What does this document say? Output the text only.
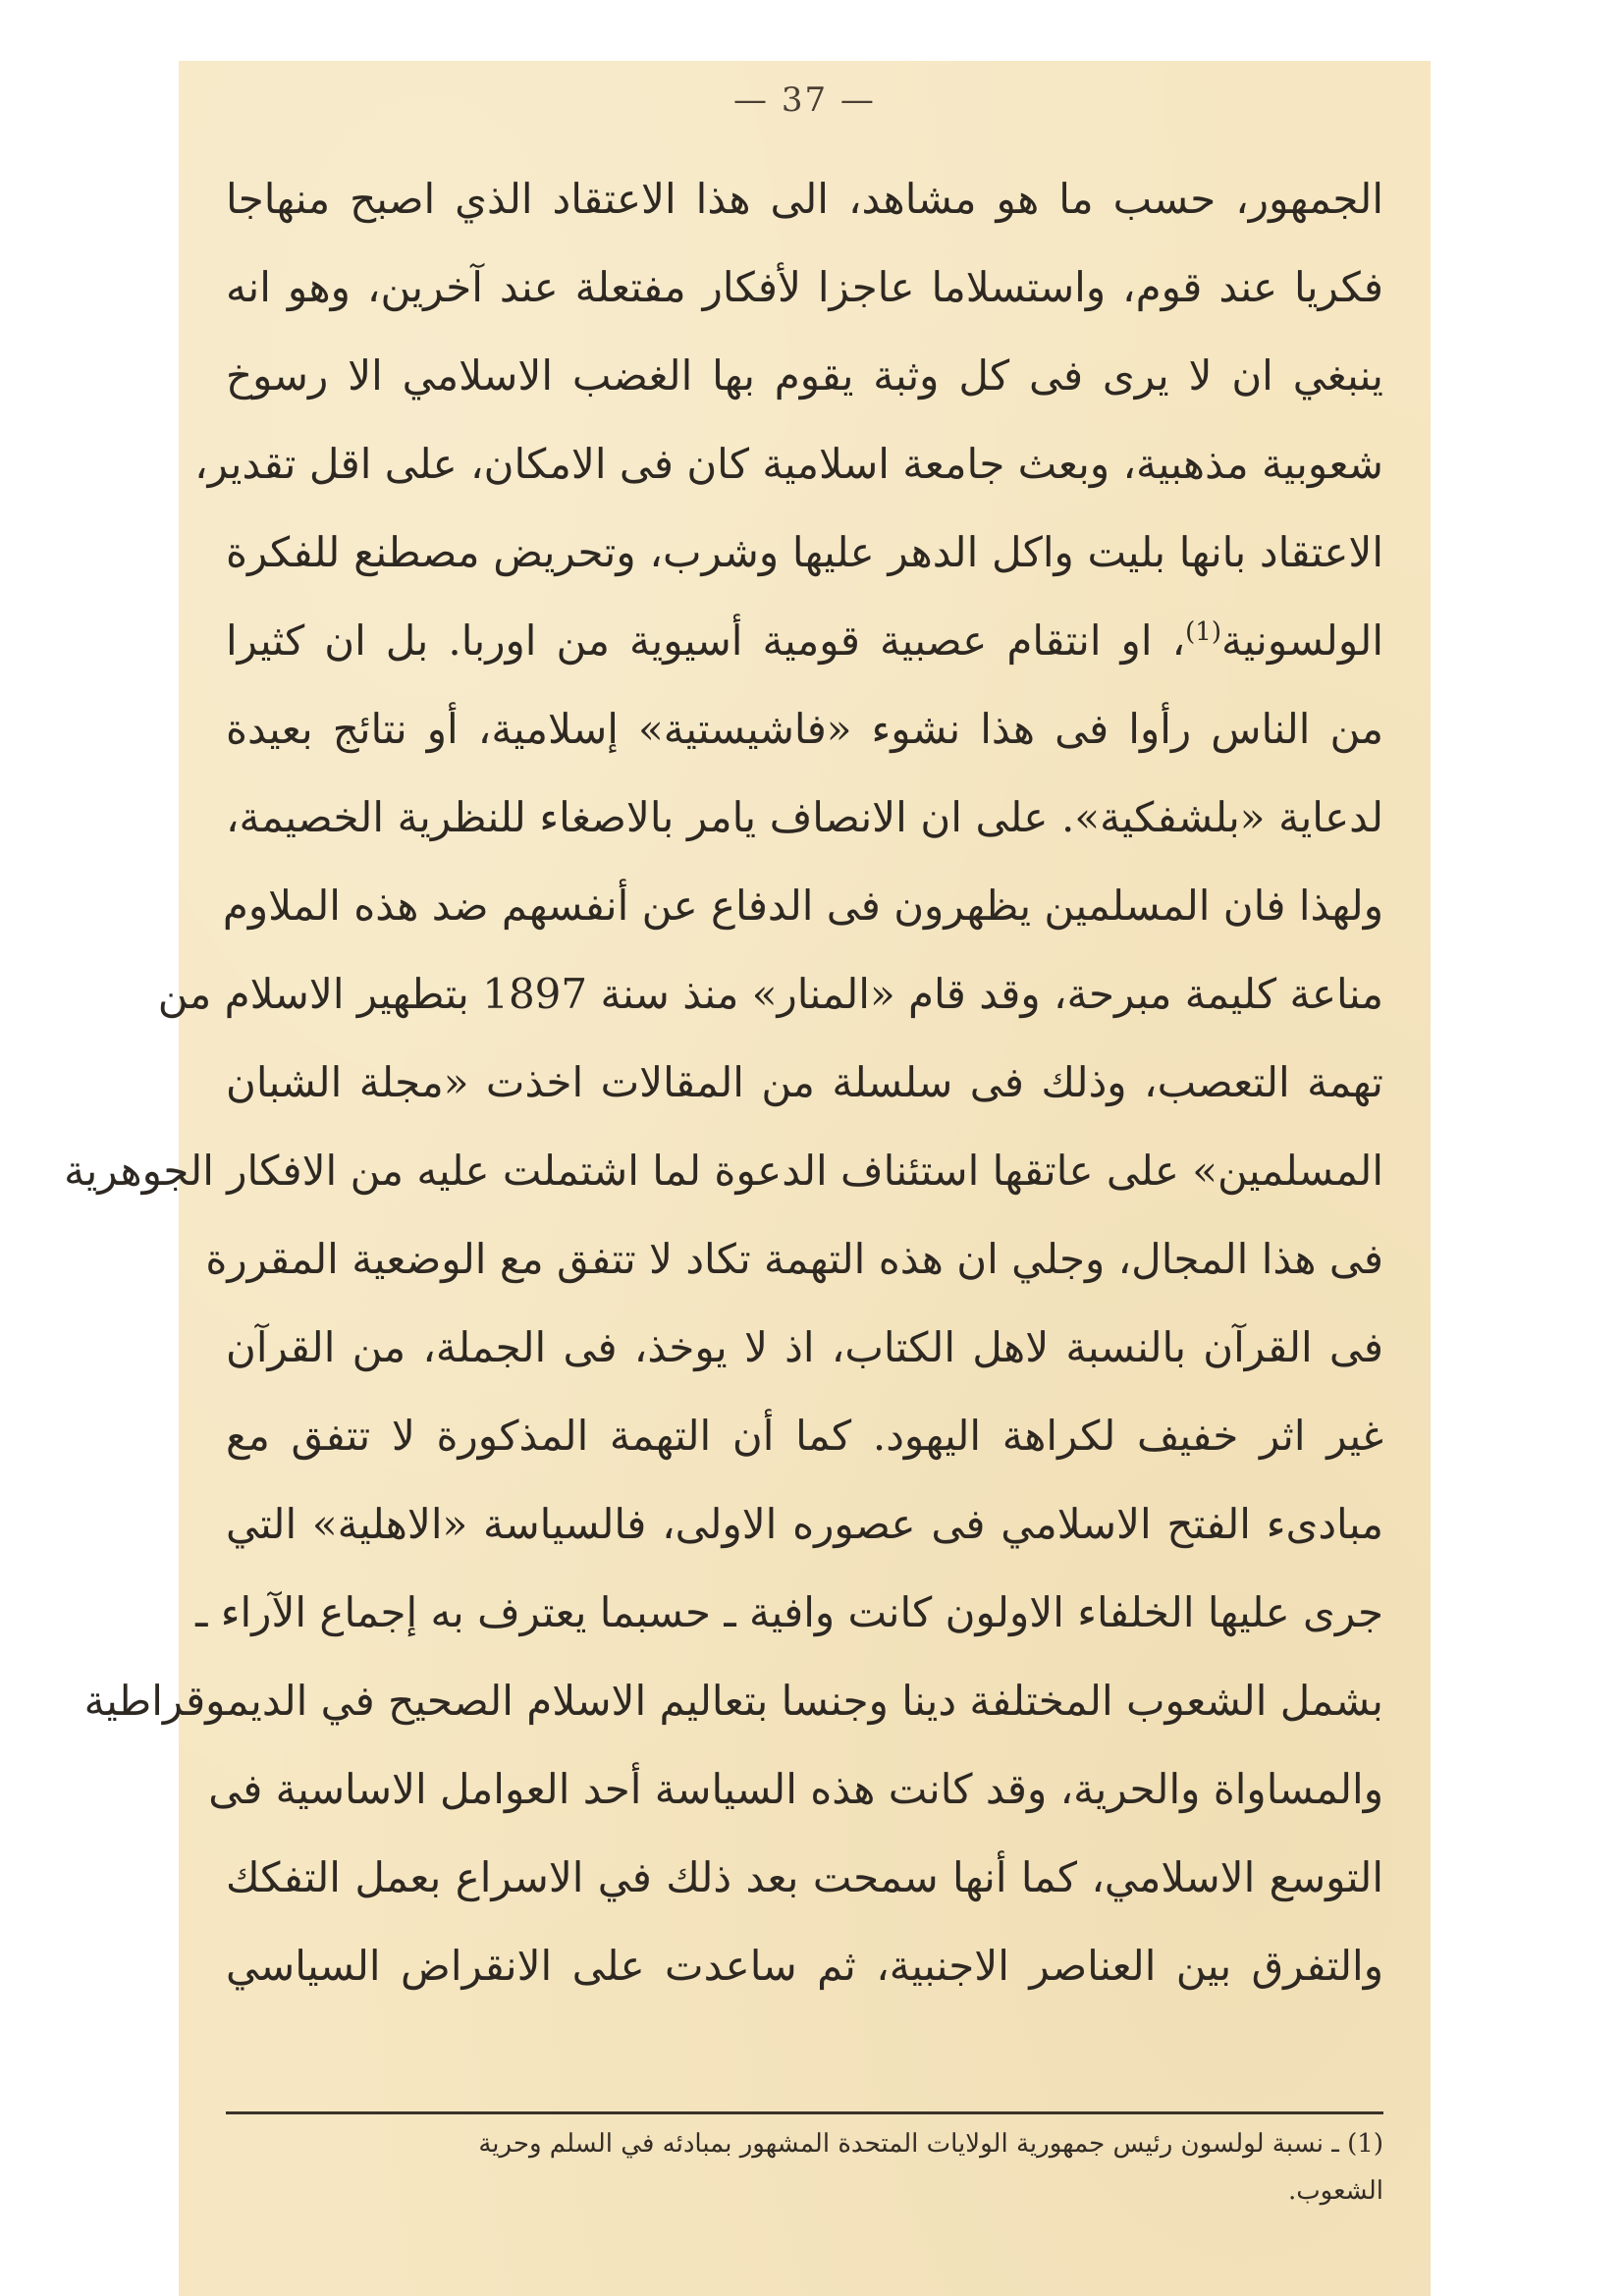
— 37 —
الجمهور، حسب ما هو مشاهد، الى هذا الاعتقاد الذي اصبح منهاجا
فكريا عند قوم، واستسلاما عاجزا لأفكار مفتعلة عند آخرين، وهو انه
ينبغي ان لا يرى فى كل وثبة يقوم بها الغضب الاسلامي الا رسوخ
شعوبية مذهبية، وبعث جامعة اسلامية كان فى الامكان، على اقل تقدير،
الاعتقاد بانها بليت واكل الدهر عليها وشرب، وتحريض مصطنع للفكرة
الولسونية$^{(1)}$، او انتقام عصبية قومية أسيوية من اوربا. بل ان كثيرا
من الناس رأوا فى هذا نشوء «فاشيستية» إسلامية، أو نتائج بعيدة
لدعاية «بلشفكية». على ان الانصاف يامر بالاصغاء للنظرية الخصيمة،
ولهذا فان المسلمين يظهرون فى الدفاع عن أنفسهم ضد هذه الملاوم
مناعة كليمة مبرحة، وقد قام «المنار» منذ سنة 1897 بتطهير الاسلام من
تهمة التعصب، وذلك فى سلسلة من المقالات اخذت «مجلة الشبان
المسلمين» على عاتقها استئناف الدعوة لما اشتملت عليه من الافكار الجوهرية
فى هذا المجال، وجلي ان هذه التهمة تكاد لا تتفق مع الوضعية المقررة
فى القرآن بالنسبة لاهل الكتاب، اذ لا يوخذ، فى الجملة، من القرآن
غير اثر خفيف لكراهة اليهود. كما أن التهمة المذكورة لا تتفق مع
مبادىء الفتح الاسلامي فى عصوره الاولى، فالسياسة «الاهلية» التي
جرى عليها الخلفاء الاولون كانت وافية ـ حسبما يعترف به إجماع الآراء ـ
بشمل الشعوب المختلفة دينا وجنسا بتعاليم الاسلام الصحيح في الديموقراطية
والمساواة والحرية، وقد كانت هذه السياسة أحد العوامل الاساسية فى
التوسع الاسلامي، كما أنها سمحت بعد ذلك في الاسراع بعمل التفكك
والتفرق بين العناصر الاجنبية، ثم ساعدت على الانقراض السياسي
(1) ـ نسبة لولسون رئيس جمهورية الولايات المتحدة المشهور بمبادئه في السلم وحرية
الشعوب.
